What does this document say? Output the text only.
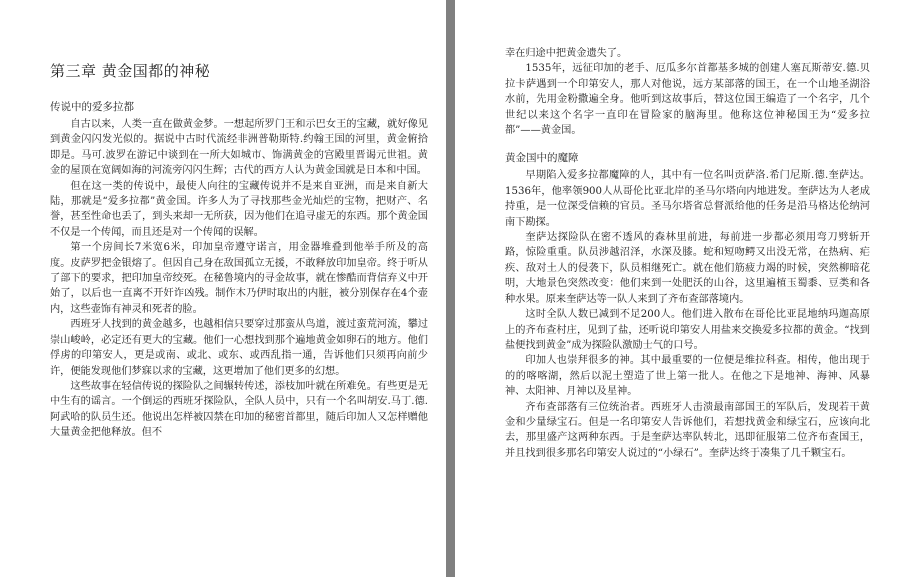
第三章 黄金国都的神秘
传说中的爱多拉都

自古以来，人类一直在做黄金梦。一想起所罗门王和示巴女王的宝藏，就好像见到黄金闪闪发光似的。据说中古时代流经非洲普勒斯特.约翰王国的河里，黄金俯拾即是。马可.波罗在游记中谈到在一所大如城市、饰满黄金的宫殿里晋谒元世祖。黄金的屋顶在宽阔如海的河流旁闪闪生辉；古代的西方人认为黄金国就是日本和中国。

但在这一类的传说中，最使人向往的宝藏传说并不是来自亚洲，而是来自新大陆，那就是“爱多拉都”黄金国。许多人为了寻找那些金光灿烂的宝物，把财产、名誉，甚至性命也丢了，到头来却一无所获，因为他们在追寻虚无的东西。那个黄金国不仅是一个传闻，而且还是对一个传闻的误解。

第一个房间长7米宽6米，印加皇帝遵守诺言，用金器堆叠到他举手所及的高度。皮萨罗把金银熔了。但因自己身在敌国孤立无援，不敢释放印加皇帝。终于听从了部下的要求，把印加皇帝绞死。在秘鲁境内的寻金故事，就在惨酷而背信弃义中开始了，以后也一直离不开奸诈凶残。制作木乃伊时取出的内脏，被分别保存在4个壶内，这些壶饰有神灵和死者的脸。

西班牙人找到的黄金越多，也越相信只要穿过那蛮从鸟道，渡过蛮荒河流，攀过崇山峻岭，必定还有更大的宝藏。他们一心想找到那个遍地黄金如卵石的地方。他们俘虏的印第安人，更是或南、或北、或东、或西乱指一通，告诉他们只须再向前少许，便能发现他们梦寐以求的宝藏，这更增加了他们更多的幻想。

这些故事在轻信传说的探险队之间辗转传述，添枝加叶就在所难免。有些更是无中生有的谣言。一个倒运的西班牙探险队，全队人员中，只有一个名叫胡安.马丁.德.阿武哈的队员生还。他说出怎样被囚禁在印加的秘密首都里，随后印加人又怎样赠他大量黄金把他释放。但不

幸在归途中把黄金遗失了。

1535年，远征印加的老手、厄瓜多尔首都基多城的创建人塞瓦斯蒂安.德.贝拉卡萨遇到一个印第安人，那人对他说，远方某部落的国王，在一个山地圣湖浴水前，先用金粉撒遍全身。他听到这故事后，替这位国王编造了一个名字，几个世纪以来这个名字一直印在冒险家的脑海里。他称这位神秘国王为“爱多拉都”——黄金国。

黄金国中的魔障

早期陷入爱多拉都魔障的人，其中有一位名叫贡萨洛.希门尼斯.德.奎萨达。1536年，他率领900人从哥伦比亚北岸的圣马尔塔向内地进发。奎萨达为人老成持重，是一位深受信赖的官员。圣马尔塔省总督派给他的任务是沿马格达伦纳河南下勘探。

奎萨达探险队在密不透风的森林里前进，每前进一步都必须用弯刀劈斩开路，惊险重重。队员涉越沼泽，水深及膝。蛇和短吻鳄又出没无常，在热病、疟疾、敌对土人的侵袭下，队员相继死亡。就在他们筋疲力竭的时候，突然柳暗花明，大地景色突然改变：他们来到一处肥沃的山谷，这里遍植玉蜀黍、豆类和各种水果。原来奎萨达等一队人来到了齐布查部落境内。

这时全队人数已减到不足200人。他们进入散布在哥伦比亚昆地纳玛迦高原上的齐布查村庄，见到了盐，还听说印第安人用盐来交换爱多拉都的黄金。“找到盐便找到黄金”成为探险队激励士气的口号。

印加人也崇拜很多的神。其中最重要的一位便是维拉科查。相传，他出现于的的喀喀湖，然后以泥土塑造了世上第一批人。在他之下是地神、海神、风暴神、太阳神、月神以及星神。

齐布查部落有三位统治者。西班牙人击溃最南部国王的军队后，发现若干黄金和少量绿宝石。但是一名印第安人告诉他们，若想找黄金和绿宝石，应该向北去，那里盛产这两种东西。于是奎萨达率队转北，迅即征服第二位齐布查国王，并且找到很多那名印第安人说过的“小绿石”。奎萨达终于凑集了几千颗宝石。
